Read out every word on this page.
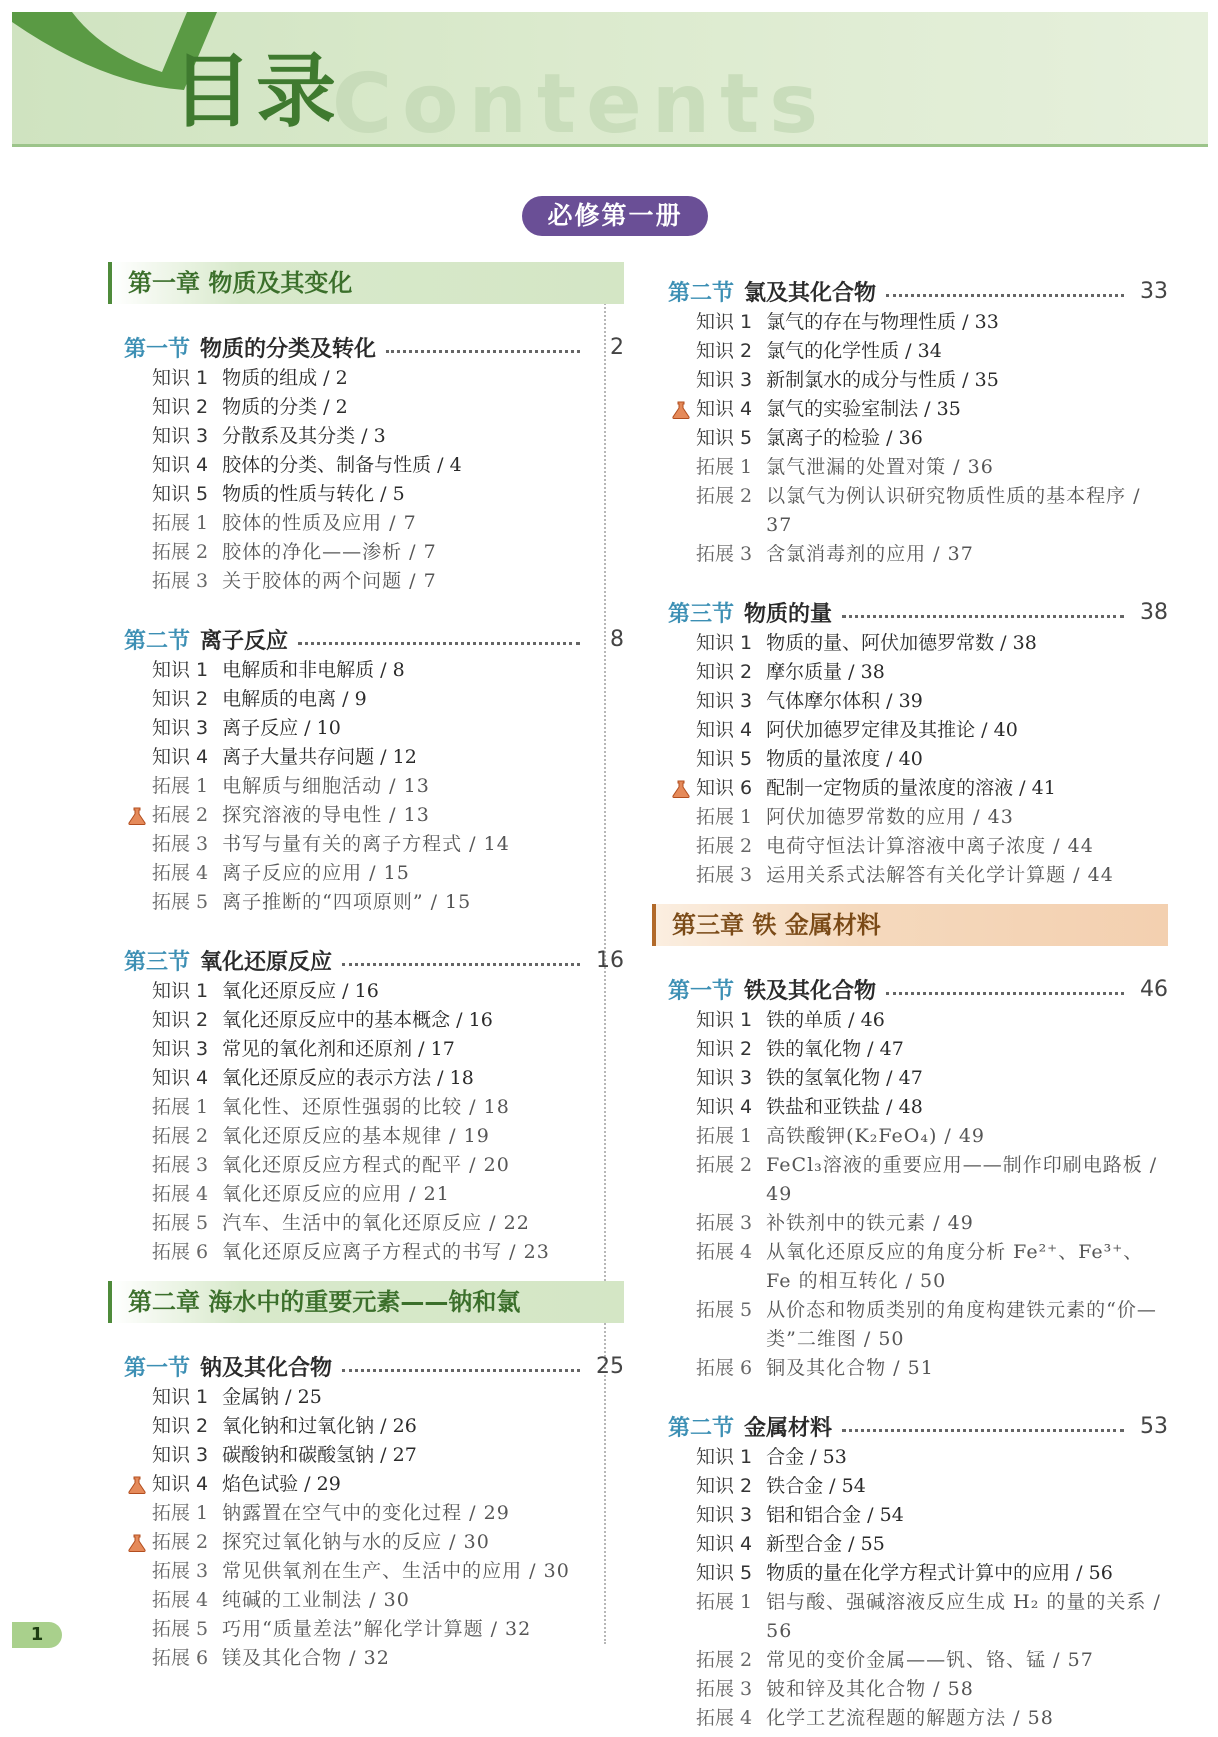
Contents
目录
必修第一册
第一章 物质及其变化
第一节 物质的分类及转化	2
知识 1 物质的组成 / 2
知识 2 物质的分类 / 2
知识 3 分散系及其分类 / 3
知识 4 胶体的分类、制备与性质 / 4
知识 5 物质的性质与转化 / 5
拓展 1 胶体的性质及应用 / 7
拓展 2 胶体的净化——渗析 / 7
拓展 3 关于胶体的两个问题 / 7
第二节 离子反应	8
知识 1 电解质和非电解质 / 8
知识 2 电解质的电离 / 9
知识 3 离子反应 / 10
知识 4 离子大量共存问题 / 12
拓展 1 电解质与细胞活动 / 13
拓展 2 探究溶液的导电性 / 13
拓展 3 书写与量有关的离子方程式 / 14
拓展 4 离子反应的应用 / 15
拓展 5 离子推断的“四项原则” / 15
第三节 氧化还原反应	16
知识 1 氧化还原反应 / 16
知识 2 氧化还原反应中的基本概念 / 16
知识 3 常见的氧化剂和还原剂 / 17
知识 4 氧化还原反应的表示方法 / 18
拓展 1 氧化性、还原性强弱的比较 / 18
拓展 2 氧化还原反应的基本规律 / 19
拓展 3 氧化还原反应方程式的配平 / 20
拓展 4 氧化还原反应的应用 / 21
拓展 5 汽车、生活中的氧化还原反应 / 22
拓展 6 氧化还原反应离子方程式的书写 / 23
第二章 海水中的重要元素——钠和氯
第一节 钠及其化合物	25
知识 1 金属钠 / 25
知识 2 氧化钠和过氧化钠 / 26
知识 3 碳酸钠和碳酸氢钠 / 27
知识 4 焰色试验 / 29
拓展 1 钠露置在空气中的变化过程 / 29
拓展 2 探究过氧化钠与水的反应 / 30
拓展 3 常见供氧剂在生产、生活中的应用 / 30
拓展 4 纯碱的工业制法 / 30
拓展 5 巧用“质量差法”解化学计算题 / 32
拓展 6 镁及其化合物 / 32
第二节 氯及其化合物	33
知识 1 氯气的存在与物理性质 / 33
知识 2 氯气的化学性质 / 34
知识 3 新制氯水的成分与性质 / 35
知识 4 氯气的实验室制法 / 35
知识 5 氯离子的检验 / 36
拓展 1 氯气泄漏的处置对策 / 36
拓展 2 以氯气为例认识研究物质性质的基本程序 / 37
拓展 3 含氯消毒剂的应用 / 37
第三节 物质的量	38
知识 1 物质的量、阿伏加德罗常数 / 38
知识 2 摩尔质量 / 38
知识 3 气体摩尔体积 / 39
知识 4 阿伏加德罗定律及其推论 / 40
知识 5 物质的量浓度 / 40
知识 6 配制一定物质的量浓度的溶液 / 41
拓展 1 阿伏加德罗常数的应用 / 43
拓展 2 电荷守恒法计算溶液中离子浓度 / 44
拓展 3 运用关系式法解答有关化学计算题 / 44
第三章 铁 金属材料
第一节 铁及其化合物	46
知识 1 铁的单质 / 46
知识 2 铁的氧化物 / 47
知识 3 铁的氢氧化物 / 47
知识 4 铁盐和亚铁盐 / 48
拓展 1 高铁酸钾(K₂FeO₄) / 49
拓展 2 FeCl₃溶液的重要应用——制作印刷电路板 / 49
拓展 3 补铁剂中的铁元素 / 49
拓展 4 从氧化还原反应的角度分析 Fe²⁺、Fe³⁺、Fe 的相互转化 / 50
拓展 5 从价态和物质类别的角度构建铁元素的“价—类”二维图 / 50
拓展 6 铜及其化合物 / 51
第二节 金属材料	53
知识 1 合金 / 53
知识 2 铁合金 / 54
知识 3 铝和铝合金 / 54
知识 4 新型合金 / 55
知识 5 物质的量在化学方程式计算中的应用 / 56
拓展 1 铝与酸、强碱溶液反应生成 H₂ 的量的关系 / 56
拓展 2 常见的变价金属——钒、铬、锰 / 57
拓展 3 铍和锌及其化合物 / 58
拓展 4 化学工艺流程题的解题方法 / 58
1
